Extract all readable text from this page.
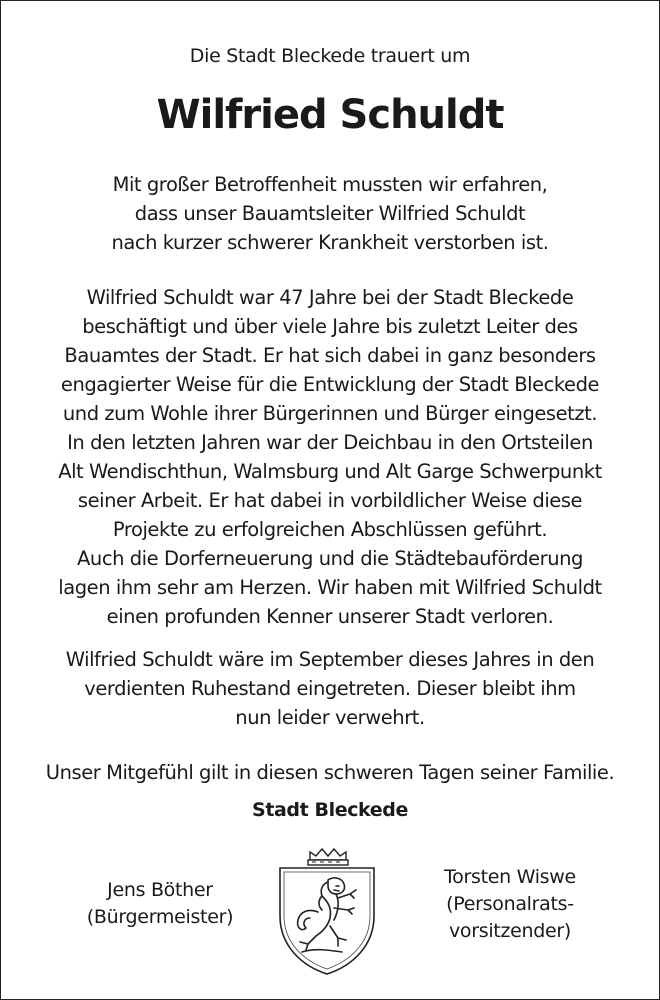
Die Stadt Bleckede trauert um
Wilfried Schuldt
Mit großer Betroffenheit mussten wir erfahren,
dass unser Bauamtsleiter Wilfried Schuldt
nach kurzer schwerer Krankheit verstorben ist.
Wilfried Schuldt war 47 Jahre bei der Stadt Bleckede
beschäftigt und über viele Jahre bis zuletzt Leiter des
Bauamtes der Stadt. Er hat sich dabei in ganz besonders
engagierter Weise für die Entwicklung der Stadt Bleckede
und zum Wohle ihrer Bürgerinnen und Bürger eingesetzt.
In den letzten Jahren war der Deichbau in den Ortsteilen
Alt Wendischthun, Walmsburg und Alt Garge Schwerpunkt
seiner Arbeit. Er hat dabei in vorbildlicher Weise diese
Projekte zu erfolgreichen Abschlüssen geführt.
Auch die Dorferneuerung und die Städtebauförderung
lagen ihm sehr am Herzen. Wir haben mit Wilfried Schuldt
einen profunden Kenner unserer Stadt verloren.
Wilfried Schuldt wäre im September dieses Jahres in den
verdienten Ruhestand eingetreten. Dieser bleibt ihm
nun leider verwehrt.
Unser Mitgefühl gilt in diesen schweren Tagen seiner Familie.
Stadt Bleckede
Jens Böther
(Bürgermeister)
Torsten Wiswe
(Personalrats-
vorsitzender)
